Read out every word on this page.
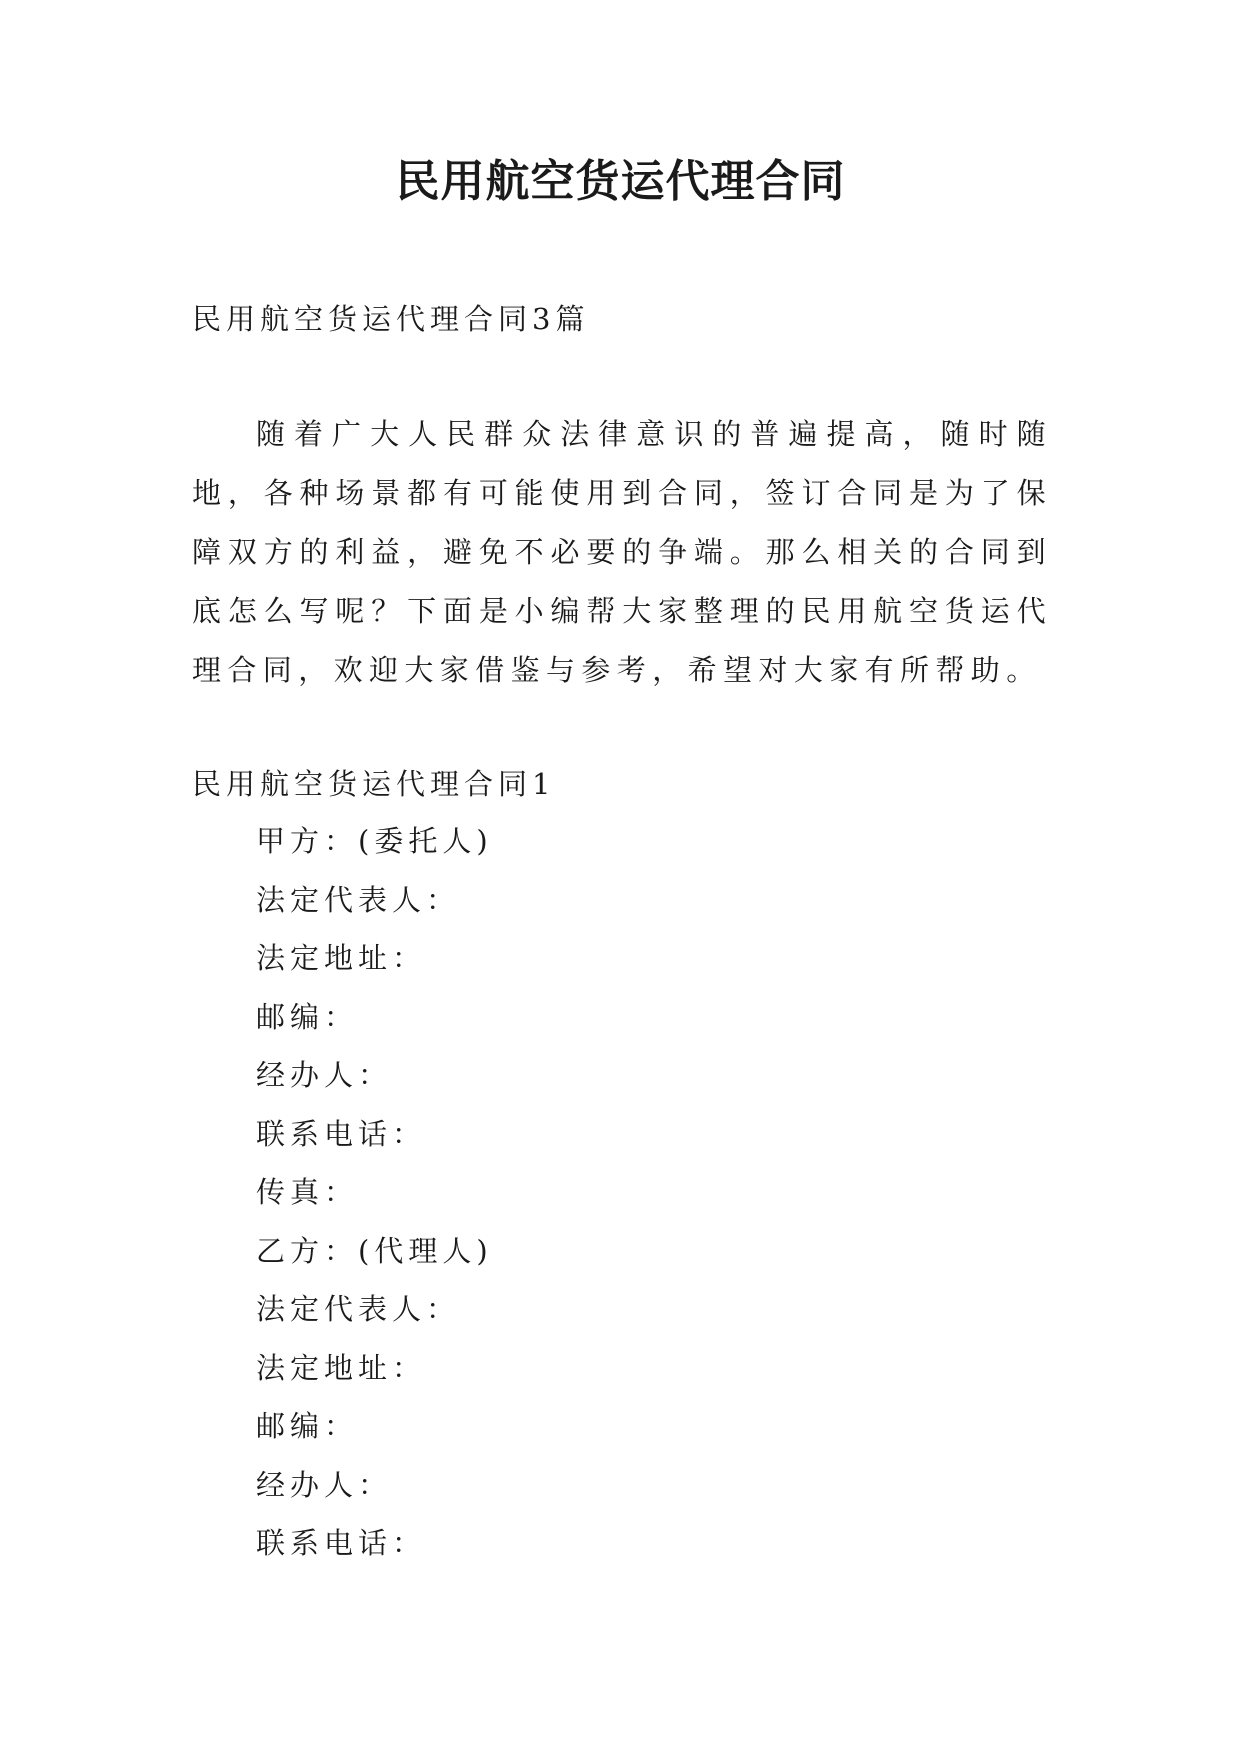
民用航空货运代理合同

民用航空货运代理合同3篇

随着广大人民群众法律意识的普遍提高，随时随地，各种场景都有可能使用到合同，签订合同是为了保障双方的利益，避免不必要的争端。那么相关的合同到底怎么写呢？下面是小编帮大家整理的民用航空货运代理合同，欢迎大家借鉴与参考，希望对大家有所帮助。

民用航空货运代理合同1

甲方：(委托人)
法定代表人：
法定地址：
邮编：
经办人：
联系电话：
传真：
乙方：(代理人)
法定代表人：
法定地址：
邮编：
经办人：
联系电话：
